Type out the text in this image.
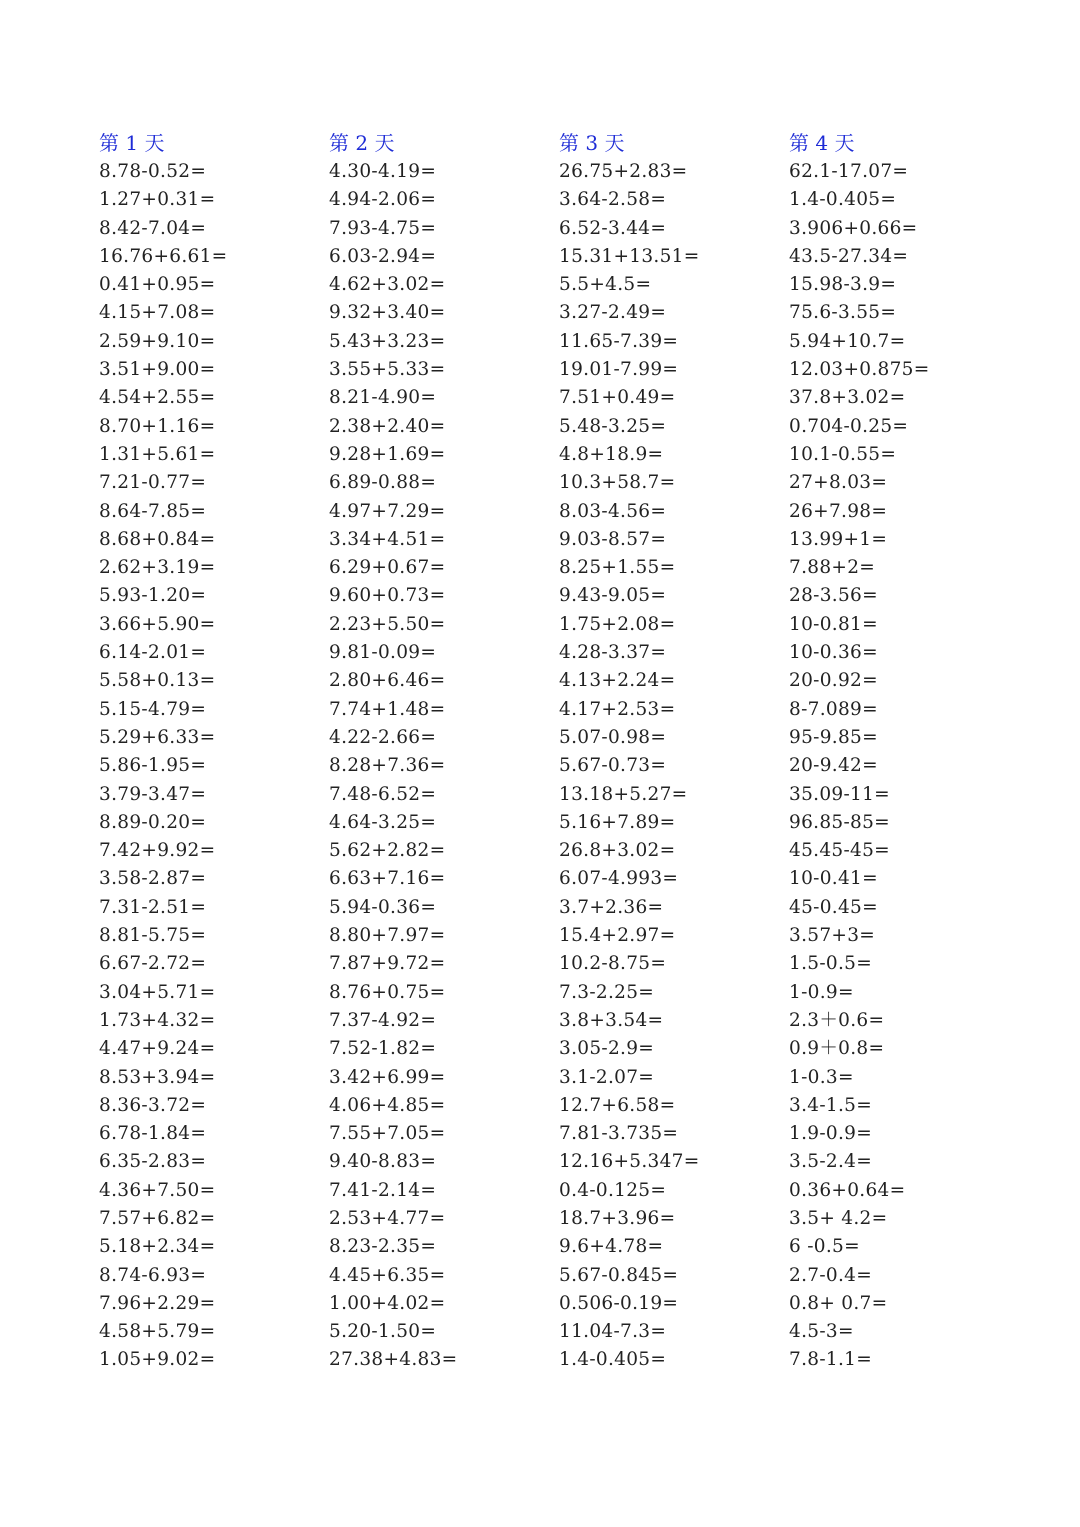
第 1 天
8.78-0.52=
1.27+0.31=
8.42-7.04=
16.76+6.61=
0.41+0.95=
4.15+7.08=
2.59+9.10=
3.51+9.00=
4.54+2.55=
8.70+1.16=
1.31+5.61=
7.21-0.77=
8.64-7.85=
8.68+0.84=
2.62+3.19=
5.93-1.20=
3.66+5.90=
6.14-2.01=
5.58+0.13=
5.15-4.79=
5.29+6.33=
5.86-1.95=
3.79-3.47=
8.89-0.20=
7.42+9.92=
3.58-2.87=
7.31-2.51=
8.81-5.75=
6.67-2.72=
3.04+5.71=
1.73+4.32=
4.47+9.24=
8.53+3.94=
8.36-3.72=
6.78-1.84=
6.35-2.83=
4.36+7.50=
7.57+6.82=
5.18+2.34=
8.74-6.93=
7.96+2.29=
4.58+5.79=
1.05+9.02=
第 2 天
4.30-4.19=
4.94-2.06=
7.93-4.75=
6.03-2.94=
4.62+3.02=
9.32+3.40=
5.43+3.23=
3.55+5.33=
8.21-4.90=
2.38+2.40=
9.28+1.69=
6.89-0.88=
4.97+7.29=
3.34+4.51=
6.29+0.67=
9.60+0.73=
2.23+5.50=
9.81-0.09=
2.80+6.46=
7.74+1.48=
4.22-2.66=
8.28+7.36=
7.48-6.52=
4.64-3.25=
5.62+2.82=
6.63+7.16=
5.94-0.36=
8.80+7.97=
7.87+9.72=
8.76+0.75=
7.37-4.92=
7.52-1.82=
3.42+6.99=
4.06+4.85=
7.55+7.05=
9.40-8.83=
7.41-2.14=
2.53+4.77=
8.23-2.35=
4.45+6.35=
1.00+4.02=
5.20-1.50=
27.38+4.83=
第 3 天
26.75+2.83=
3.64-2.58=
6.52-3.44=
15.31+13.51=
5.5+4.5=
3.27-2.49=
11.65-7.39=
19.01-7.99=
7.51+0.49=
5.48-3.25=
4.8+18.9=
10.3+58.7=
8.03-4.56=
9.03-8.57=
8.25+1.55=
9.43-9.05=
1.75+2.08=
4.28-3.37=
4.13+2.24=
4.17+2.53=
5.07-0.98=
5.67-0.73=
13.18+5.27=
5.16+7.89=
26.8+3.02=
6.07-4.993=
3.7+2.36=
15.4+2.97=
10.2-8.75=
7.3-2.25=
3.8+3.54=
3.05-2.9=
3.1-2.07=
12.7+6.58=
7.81-3.735=
12.16+5.347=
0.4-0.125=
18.7+3.96=
9.6+4.78=
5.67-0.845=
0.506-0.19=
11.04-7.3=
1.4-0.405=
第 4 天
62.1-17.07=
1.4-0.405=
3.906+0.66=
43.5-27.34=
15.98-3.9=
75.6-3.55=
5.94+10.7=
12.03+0.875=
37.8+3.02=
0.704-0.25=
10.1-0.55=
27+8.03=
26+7.98=
13.99+1=
7.88+2=
28-3.56=
10-0.81=
10-0.36=
20-0.92=
8-7.089=
95-9.85=
20-9.42=
35.09-11=
96.85-85=
45.45-45=
10-0.41=
45-0.45=
3.57+3=
1.5-0.5=
1-0.9=
2.3＋0.6=
0.9＋0.8=
1-0.3=
3.4-1.5=
1.9-0.9=
3.5-2.4=
0.36+0.64=
3.5+ 4.2=
6 -0.5=
2.7-0.4=
0.8+ 0.7=
4.5-3=
7.8-1.1=
